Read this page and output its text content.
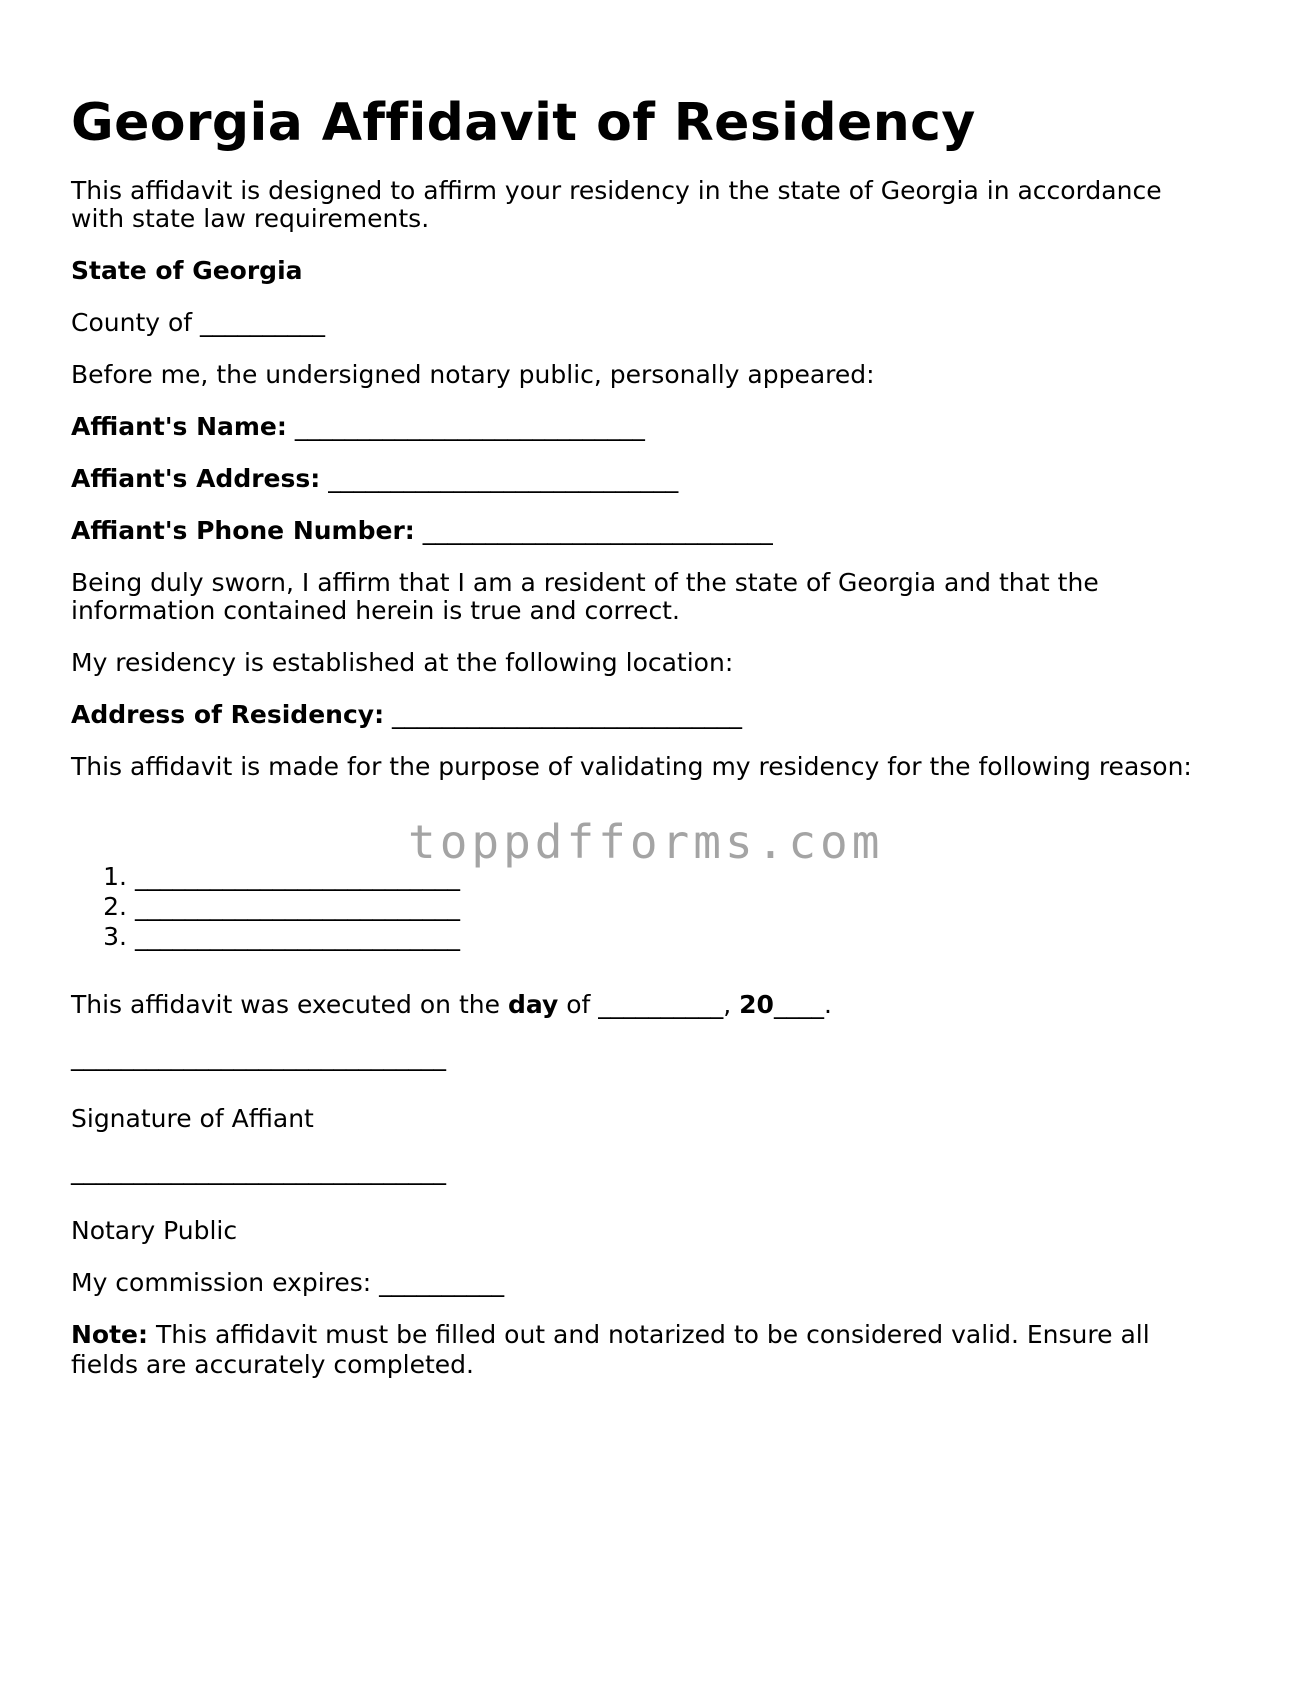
Georgia Affidavit of Residency

This affidavit is designed to affirm your residency in the state of Georgia in accordance

with state law requirements.

State of Georgia

County of __________

Before me, the undersigned notary public, personally appeared:

Affiant's Name: ____________________________

Affiant's Address: ____________________________

Affiant's Phone Number: ____________________________

Being duly sworn, I affirm that I am a resident of the state of Georgia and that the

information contained herein is true and correct.

My residency is established at the following location:

Address of Residency: ____________________________

This affidavit is made for the purpose of validating my residency for the following reason:

1. __________________________
2. __________________________
3. __________________________

This affidavit was executed on the day of __________, 20____.

______________________________

Signature of Affiant

______________________________

Notary Public

My commission expires: __________

Note: This affidavit must be filled out and notarized to be considered valid. Ensure all

fields are accurately completed.

toppdfforms.com
